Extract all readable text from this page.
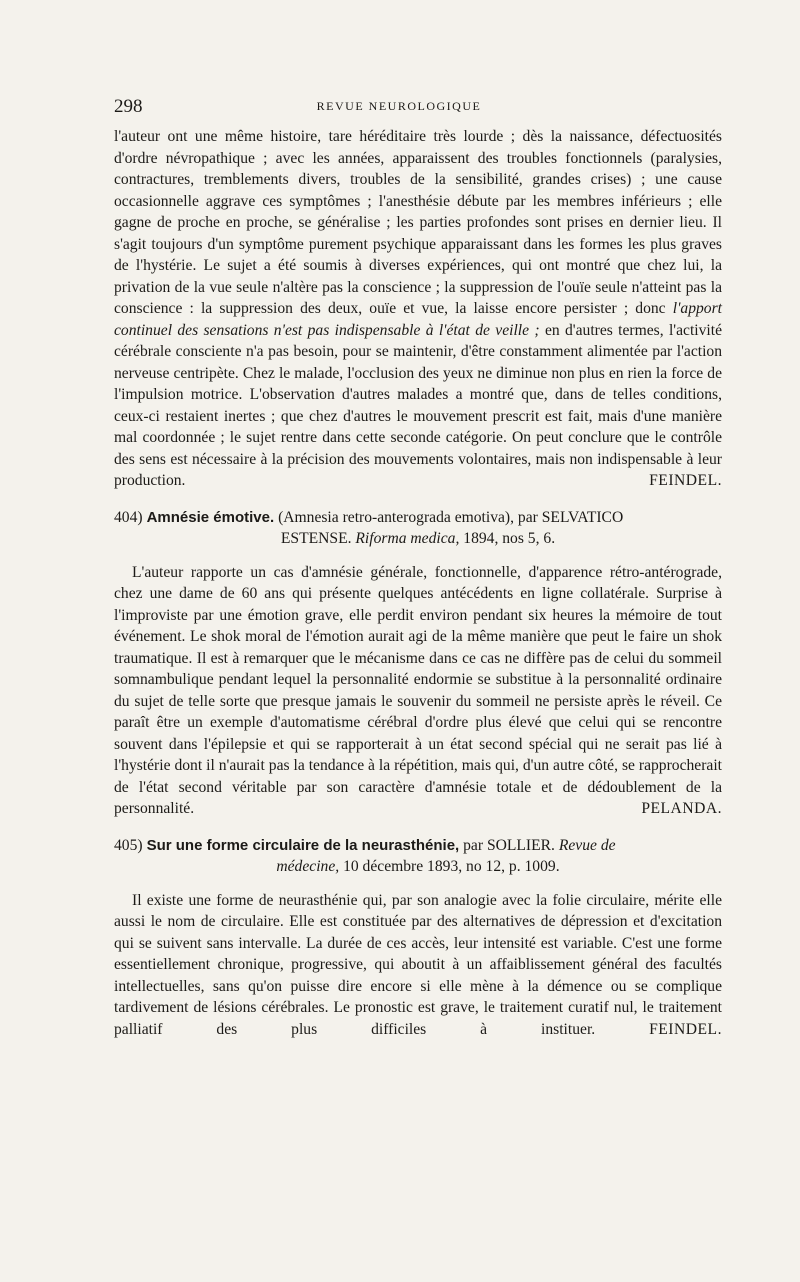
298	REVUE NEUROLOGIQUE

l'auteur ont une même histoire, tare héréditaire très lourde ; dès la naissance, défectuosités d'ordre névropathique ; avec les années, apparaissent des troubles fonctionnels (paralysies, contractures, tremblements divers, troubles de la sensibilité, grandes crises) ; une cause occasionnelle aggrave ces symptômes ; l'anesthésie débute par les membres inférieurs ; elle gagne de proche en proche, se généralise ; les parties profondes sont prises en dernier lieu. Il s'agit toujours d'un symptôme purement psychique apparaissant dans les formes les plus graves de l'hystérie. Le sujet a été soumis à diverses expériences, qui ont montré que chez lui, la privation de la vue seule n'altère pas la conscience ; la suppression de l'ouïe seule n'atteint pas la conscience : la suppression des deux, ouïe et vue, la laisse encore persister ; donc l'apport continuel des sensations n'est pas indispensable à l'état de veille ; en d'autres termes, l'activité cérébrale consciente n'a pas besoin, pour se maintenir, d'être constamment alimentée par l'action nerveuse centripète. Chez le malade, l'occlusion des yeux ne diminue non plus en rien la force de l'impulsion motrice. L'observation d'autres malades a montré que, dans de telles conditions, ceux-ci restaient inertes ; que chez d'autres le mouvement prescrit est fait, mais d'une manière mal coordonnée ; le sujet rentre dans cette seconde catégorie. On peut conclure que le contrôle des sens est nécessaire à la précision des mouvements volontaires, mais non indispensable à leur production.	FEINDEL.

404) Amnésie émotive. (Amnesia retro-anterograda emotiva), par SELVATICO

ESTENSE. Riforma medica, 1894, nos 5, 6.

L'auteur rapporte un cas d'amnésie générale, fonctionnelle, d'apparence rétro-antérograde, chez une dame de 60 ans qui présente quelques antécédents en ligne collatérale. Surprise à l'improviste par une émotion grave, elle perdit environ pendant six heures la mémoire de tout événement. Le shok moral de l'émotion aurait agi de la même manière que peut le faire un shok traumatique. Il est à remarquer que le mécanisme dans ce cas ne diffère pas de celui du sommeil somnambulique pendant lequel la personnalité endormie se substitue à la personnalité ordinaire du sujet de telle sorte que presque jamais le souvenir du sommeil ne persiste après le réveil. Ce paraît être un exemple d'automatisme cérébral d'ordre plus élevé que celui qui se rencontre souvent dans l'épilepsie et qui se rapporterait à un état second spécial qui ne serait pas lié à l'hystérie dont il n'aurait pas la tendance à la répétition, mais qui, d'un autre côté, se rapprocherait de l'état second véritable par son caractère d'amnésie totale et de dédoublement de la personnalité.	PELANDA.

405) Sur une forme circulaire de la neurasthénie, par SOLLIER. Revue de

médecine, 10 décembre 1893, no 12, p. 1009.

Il existe une forme de neurasthénie qui, par son analogie avec la folie circulaire, mérite elle aussi le nom de circulaire. Elle est constituée par des alternatives de dépression et d'excitation qui se suivent sans intervalle. La durée de ces accès, leur intensité est variable. C'est une forme essentiellement chronique, progressive, qui aboutit à un affaiblissement général des facultés intellectuelles, sans qu'on puisse dire encore si elle mène à la démence ou se complique tardivement de lésions cérébrales. Le pronostic est grave, le traitement curatif nul, le traitement palliatif des plus difficiles à instituer.	FEINDEL.
